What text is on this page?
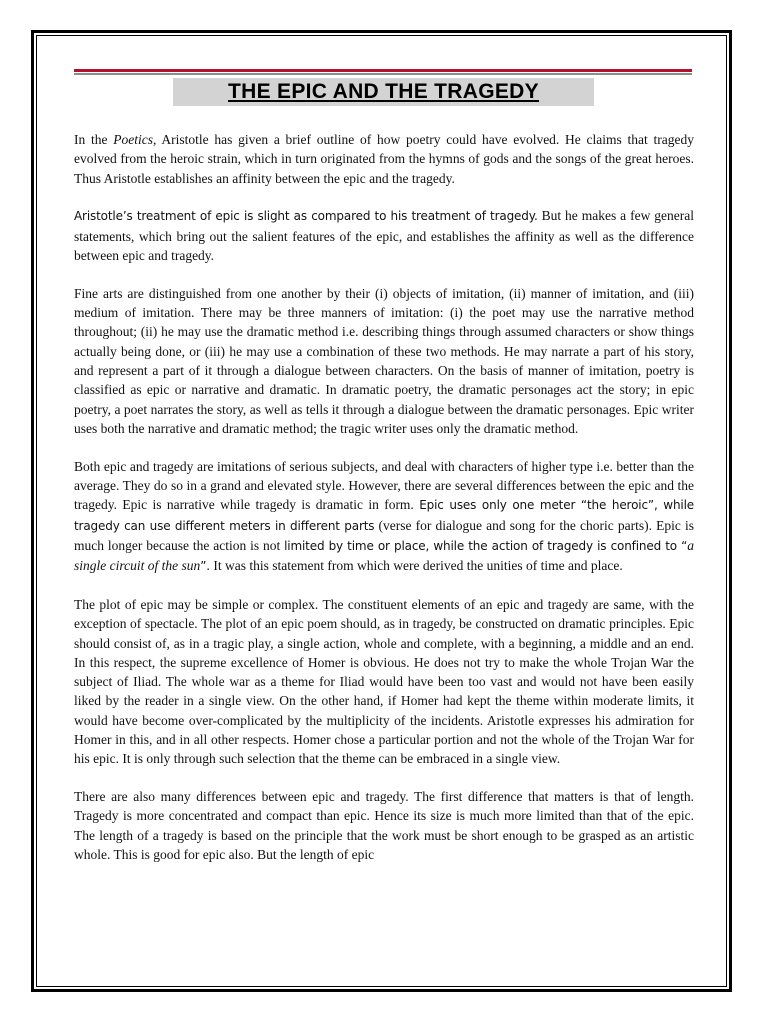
THE EPIC AND THE TRAGEDY

In the Poetics, Aristotle has given a brief outline of how poetry could have evolved. He claims that tragedy evolved from the heroic strain, which in turn originated from the hymns of gods and the songs of the great heroes. Thus Aristotle establishes an affinity between the epic and the tragedy.

Aristotle’s treatment of epic is slight as compared to his treatment of tragedy. But he makes a few general statements, which bring out the salient features of the epic, and establishes the affinity as well as the difference between epic and tragedy.

Fine arts are distinguished from one another by their (i) objects of imitation, (ii) manner of imitation, and (iii) medium of imitation. There may be three manners of imitation: (i) the poet may use the narrative method throughout; (ii) he may use the dramatic method i.e. describing things through assumed characters or show things actually being done, or (iii) he may use a combination of these two methods. He may narrate a part of his story, and represent a part of it through a dialogue between characters. On the basis of manner of imitation, poetry is classified as epic or narrative and dramatic. In dramatic poetry, the dramatic personages act the story; in epic poetry, a poet narrates the story, as well as tells it through a dialogue between the dramatic personages. Epic writer uses both the narrative and dramatic method; the tragic writer uses only the dramatic method.

Both epic and tragedy are imitations of serious subjects, and deal with characters of higher type i.e. better than the average. They do so in a grand and elevated style. However, there are several differences between the epic and the tragedy. Epic is narrative while tragedy is dramatic in form. Epic uses only one meter “the heroic”, while tragedy can use different meters in different parts (verse for dialogue and song for the choric parts). Epic is much longer because the action is not limited by time or place, while the action of tragedy is confined to “a single circuit of the sun”. It was this statement from which were derived the unities of time and place.

The plot of epic may be simple or complex. The constituent elements of an epic and tragedy are same, with the exception of spectacle. The plot of an epic poem should, as in tragedy, be constructed on dramatic principles. Epic should consist of, as in a tragic play, a single action, whole and complete, with a beginning, a middle and an end. In this respect, the supreme excellence of Homer is obvious. He does not try to make the whole Trojan War the subject of Iliad. The whole war as a theme for Iliad would have been too vast and would not have been easily liked by the reader in a single view. On the other hand, if Homer had kept the theme within moderate limits, it would have become over-complicated by the multiplicity of the incidents. Aristotle expresses his admiration for Homer in this, and in all other respects. Homer chose a particular portion and not the whole of the Trojan War for his epic. It is only through such selection that the theme can be embraced in a single view.

There are also many differences between epic and tragedy. The first difference that matters is that of length. Tragedy is more concentrated and compact than epic. Hence its size is much more limited than that of the epic. The length of a tragedy is based on the principle that the work must be short enough to be grasped as an artistic whole. This is good for epic also. But the length of epic
